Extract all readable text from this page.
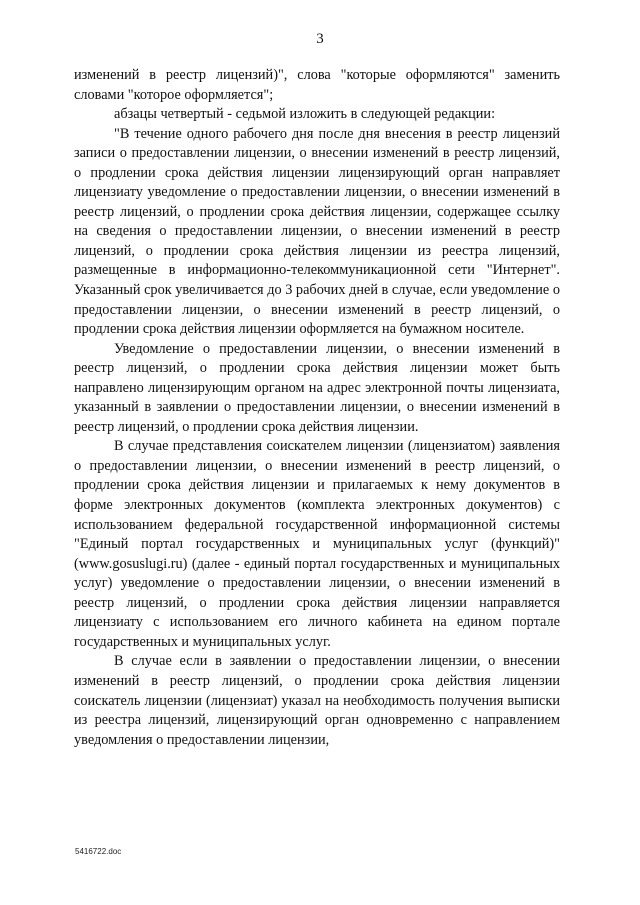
3

изменений в реестр лицензий)", слова "которые оформляются" заменить словами "которое оформляется";

абзацы четвертый - седьмой изложить в следующей редакции:

"В течение одного рабочего дня после дня внесения в реестр лицензий записи о предоставлении лицензии, о внесении изменений в реестр лицензий, о продлении срока действия лицензии лицензирующий орган направляет лицензиату уведомление о предоставлении лицензии, о внесении изменений в реестр лицензий, о продлении срока действия лицензии, содержащее ссылку на сведения о предоставлении лицензии, о внесении изменений в реестр лицензий, о продлении срока действия лицензии из реестра лицензий, размещенные в информационно-телекоммуникационной сети "Интернет". Указанный срок увеличивается до 3 рабочих дней в случае, если уведомление о предоставлении лицензии, о внесении изменений в реестр лицензий, о продлении срока действия лицензии оформляется на бумажном носителе.

Уведомление о предоставлении лицензии, о внесении изменений в реестр лицензий, о продлении срока действия лицензии может быть направлено лицензирующим органом на адрес электронной почты лицензиата, указанный в заявлении о предоставлении лицензии, о внесении изменений в реестр лицензий, о продлении срока действия лицензии.

В случае представления соискателем лицензии (лицензиатом) заявления о предоставлении лицензии, о внесении изменений в реестр лицензий, о продлении срока действия лицензии и прилагаемых к нему документов в форме электронных документов (комплекта электронных документов) с использованием федеральной государственной информационной системы "Единый портал государственных и муниципальных услуг (функций)" (www.gosuslugi.ru) (далее - единый портал государственных и муниципальных услуг) уведомление о предоставлении лицензии, о внесении изменений в реестр лицензий, о продлении срока действия лицензии направляется лицензиату с использованием его личного кабинета на едином портале государственных и муниципальных услуг.

В случае если в заявлении о предоставлении лицензии, о внесении изменений в реестр лицензий, о продлении срока действия лицензии соискатель лицензии (лицензиат) указал на необходимость получения выписки из реестра лицензий, лицензирующий орган одновременно с направлением уведомления о предоставлении лицензии,

5416722.doc
